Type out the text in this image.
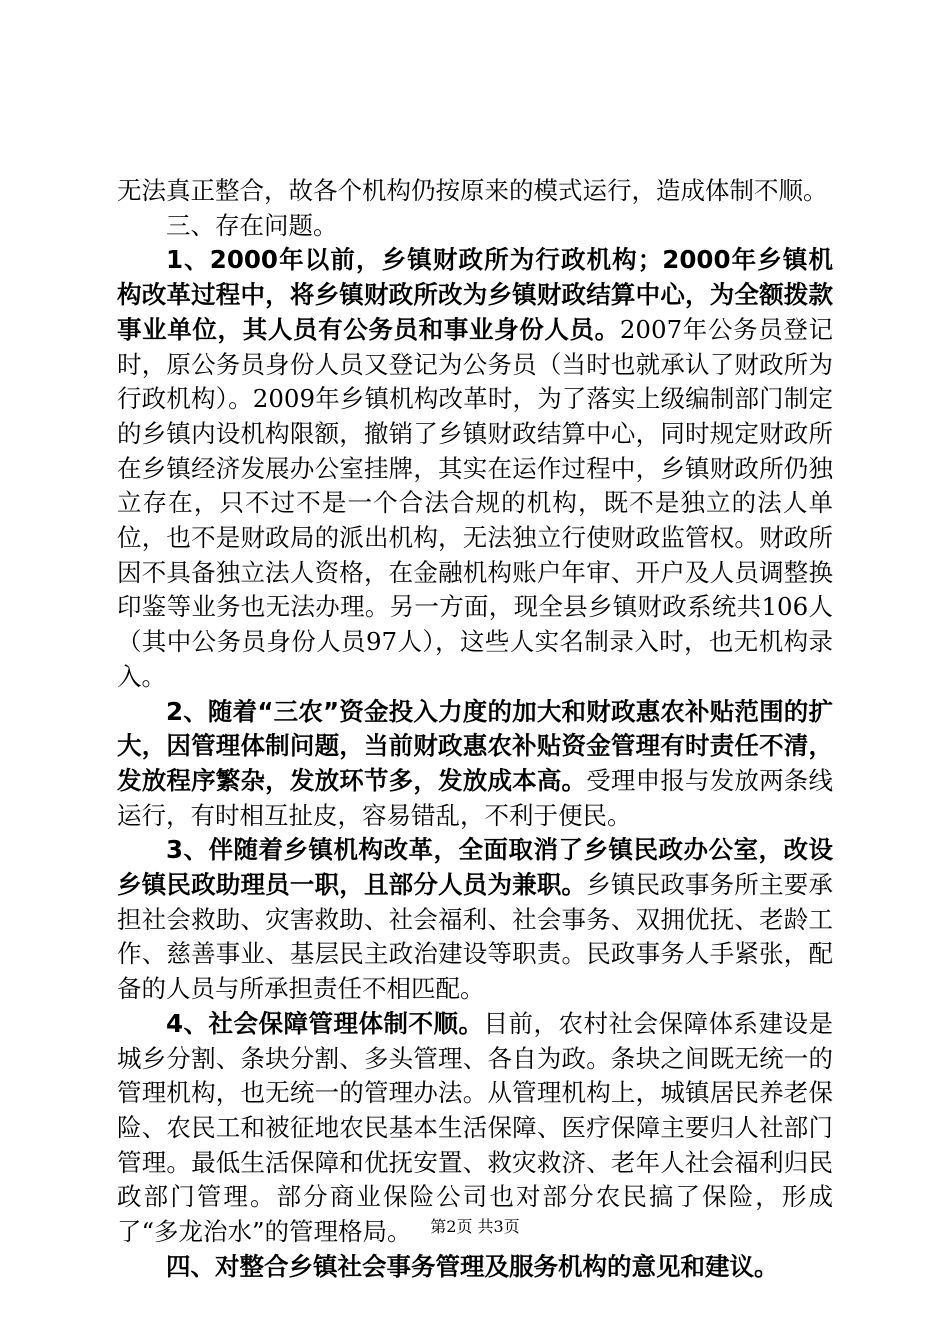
无法真正整合，故各个机构仍按原来的模式运行，造成体制不顺。

三、存在问题。

1、2000年以前，乡镇财政所为行政机构；2000年乡镇机构改革过程中，将乡镇财政所改为乡镇财政结算中心，为全额拨款事业单位，其人员有公务员和事业身份人员。2007年公务员登记时，原公务员身份人员又登记为公务员（当时也就承认了财政所为行政机构）。2009年乡镇机构改革时，为了落实上级编制部门制定的乡镇内设机构限额，撤销了乡镇财政结算中心，同时规定财政所在乡镇经济发展办公室挂牌，其实在运作过程中，乡镇财政所仍独立存在，只不过不是一个合法合规的机构，既不是独立的法人单位，也不是财政局的派出机构，无法独立行使财政监管权。财政所因不具备独立法人资格，在金融机构账户年审、开户及人员调整换印鉴等业务也无法办理。另一方面，现全县乡镇财政系统共106人（其中公务员身份人员97人），这些人实名制录入时，也无机构录入。

2、随着“三农”资金投入力度的加大和财政惠农补贴范围的扩大，因管理体制问题，当前财政惠农补贴资金管理有时责任不清，发放程序繁杂，发放环节多，发放成本高。受理申报与发放两条线运行，有时相互扯皮，容易错乱，不利于便民。

3、伴随着乡镇机构改革，全面取消了乡镇民政办公室，改设乡镇民政助理员一职，且部分人员为兼职。乡镇民政事务所主要承担社会救助、灾害救助、社会福利、社会事务、双拥优抚、老龄工作、慈善事业、基层民主政治建设等职责。民政事务人手紧张，配备的人员与所承担责任不相匹配。

4、社会保障管理体制不顺。目前，农村社会保障体系建设是城乡分割、条块分割、多头管理、各自为政。条块之间既无统一的管理机构，也无统一的管理办法。从管理机构上，城镇居民养老保险、农民工和被征地农民基本生活保障、医疗保障主要归人社部门管理。最低生活保障和优抚安置、救灾救济、老年人社会福利归民政部门管理。部分商业保险公司也对部分农民搞了保险，形成了“多龙治水”的管理格局。

四、对整合乡镇社会事务管理及服务机构的意见和建议。

第2页 共3页
